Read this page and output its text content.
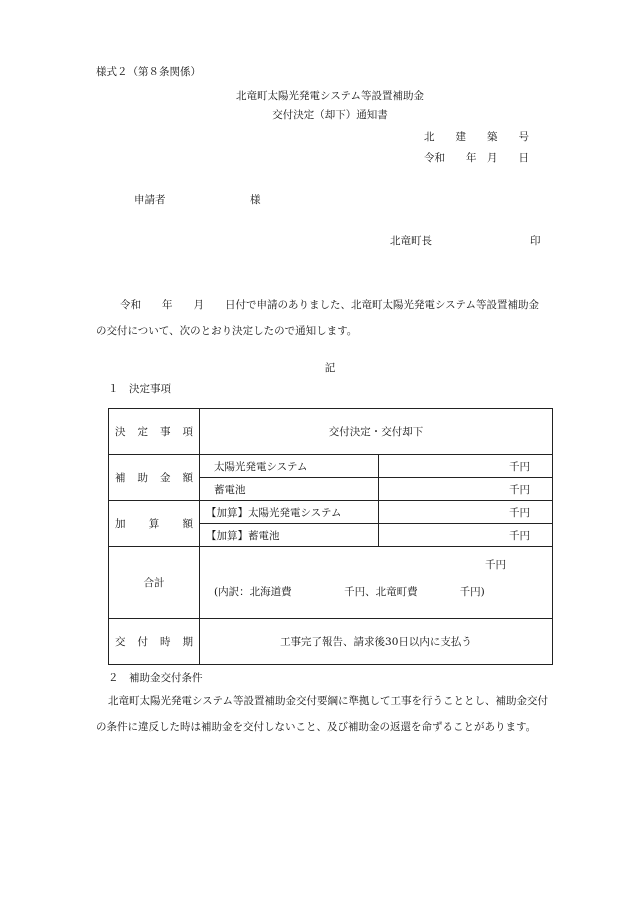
様式２（第８条関係）
北竜町太陽光発電システム等設置補助金
交付決定（却下）通知書
北　　建　　築　　号
令和　　年　月　　日
申請者	様
北竜町長	印
令和　　年　　月　　日付で申請のありました、北竜町太陽光発電システム等設置補助金の交付について、次のとおり決定したので通知します。
記
１　決定事項
決定事項	交付決定・交付却下	
補助金額	太陽光発電システム	千円
	蓄電池	千円
加算額	【加算】太陽光発電システム	千円
	【加算】蓄電池	千円
合計	千円
(内訳：北海道費　　　　　千円、北竜町費　　　　千円)	

交付時期	工事完了報告、請求後30日以内に支払う	
２　補助金交付条件
北竜町太陽光発電システム等設置補助金交付要綱に準拠して工事を行うこととし、補助金交付の条件に違反した時は補助金を交付しないこと、及び補助金の返還を命ずることがあります。
